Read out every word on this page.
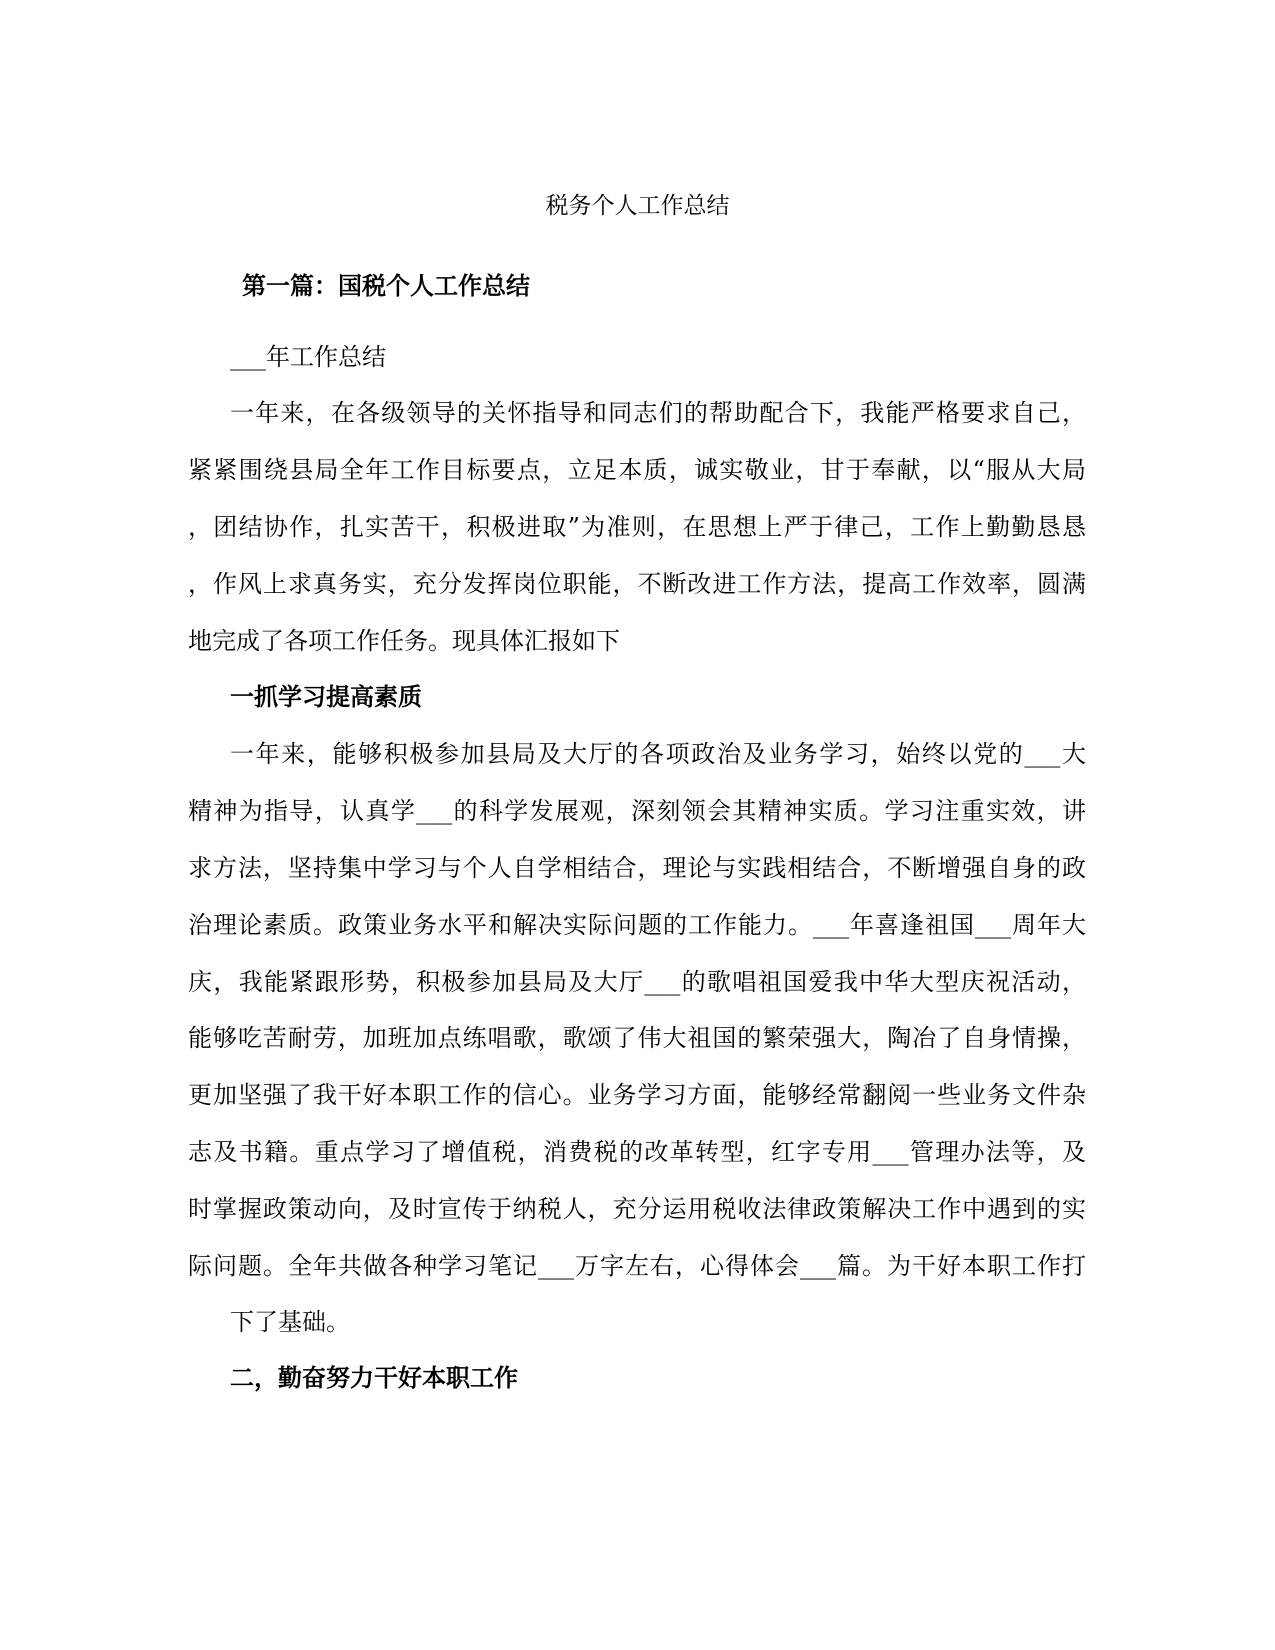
税务个人工作总结

第一篇：国税个人工作总结

___年工作总结

一年来，在各级领导的关怀指导和同志们的帮助配合下，我能严格要求自己，

紧紧围绕县局全年工作目标要点，立足本质，诚实敬业，甘于奉献，以“服从大局

，团结协作，扎实苦干，积极进取”为准则，在思想上严于律己，工作上勤勤恳恳

，作风上求真务实，充分发挥岗位职能，不断改进工作方法，提高工作效率，圆满

地完成了各项工作任务。现具体汇报如下

一抓学习提高素质

一年来，能够积极参加县局及大厅的各项政治及业务学习，始终以党的___大

精神为指导，认真学___的科学发展观，深刻领会其精神实质。学习注重实效，讲

求方法，坚持集中学习与个人自学相结合，理论与实践相结合，不断增强自身的政

治理论素质。政策业务水平和解决实际问题的工作能力。___年喜逢祖国___周年大

庆，我能紧跟形势，积极参加县局及大厅___的歌唱祖国爱我中华大型庆祝活动，

能够吃苦耐劳，加班加点练唱歌，歌颂了伟大祖国的繁荣强大，陶冶了自身情操，

更加坚强了我干好本职工作的信心。业务学习方面，能够经常翻阅一些业务文件杂

志及书籍。重点学习了增值税，消费税的改革转型，红字专用___管理办法等，及

时掌握政策动向，及时宣传于纳税人，充分运用税收法律政策解决工作中遇到的实

际问题。全年共做各种学习笔记___万字左右，心得体会___篇。为干好本职工作打

下了基础。

二，勤奋努力干好本职工作
